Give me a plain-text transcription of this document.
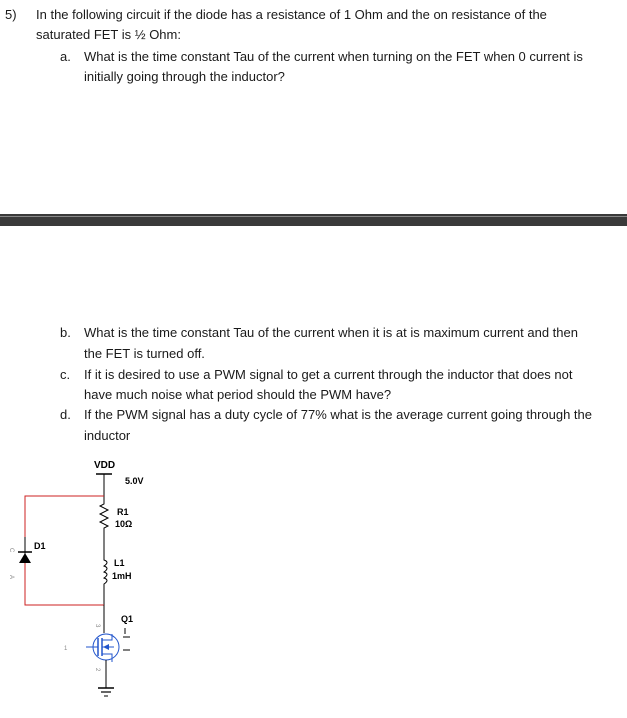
5) In the following circuit if the diode has a resistance of 1 Ohm and the on resistance of the
saturated FET is ½ Ohm:
a. What is the time constant Tau of the current when turning on the FET when 0 current is
initially going through the inductor?
b. What is the time constant Tau of the current when it is at is maximum current and then
the FET is turned off.
c. If it is desired to use a PWM signal to get a current through the inductor that does not
have much noise what period should the PWM have?
d. If the PWM signal has a duty cycle of 77% what is the average current going through the
inductor
VDD
5.0V
R1
10Ω
L1
1mH
D1
C
A
Q1
1
3
2
